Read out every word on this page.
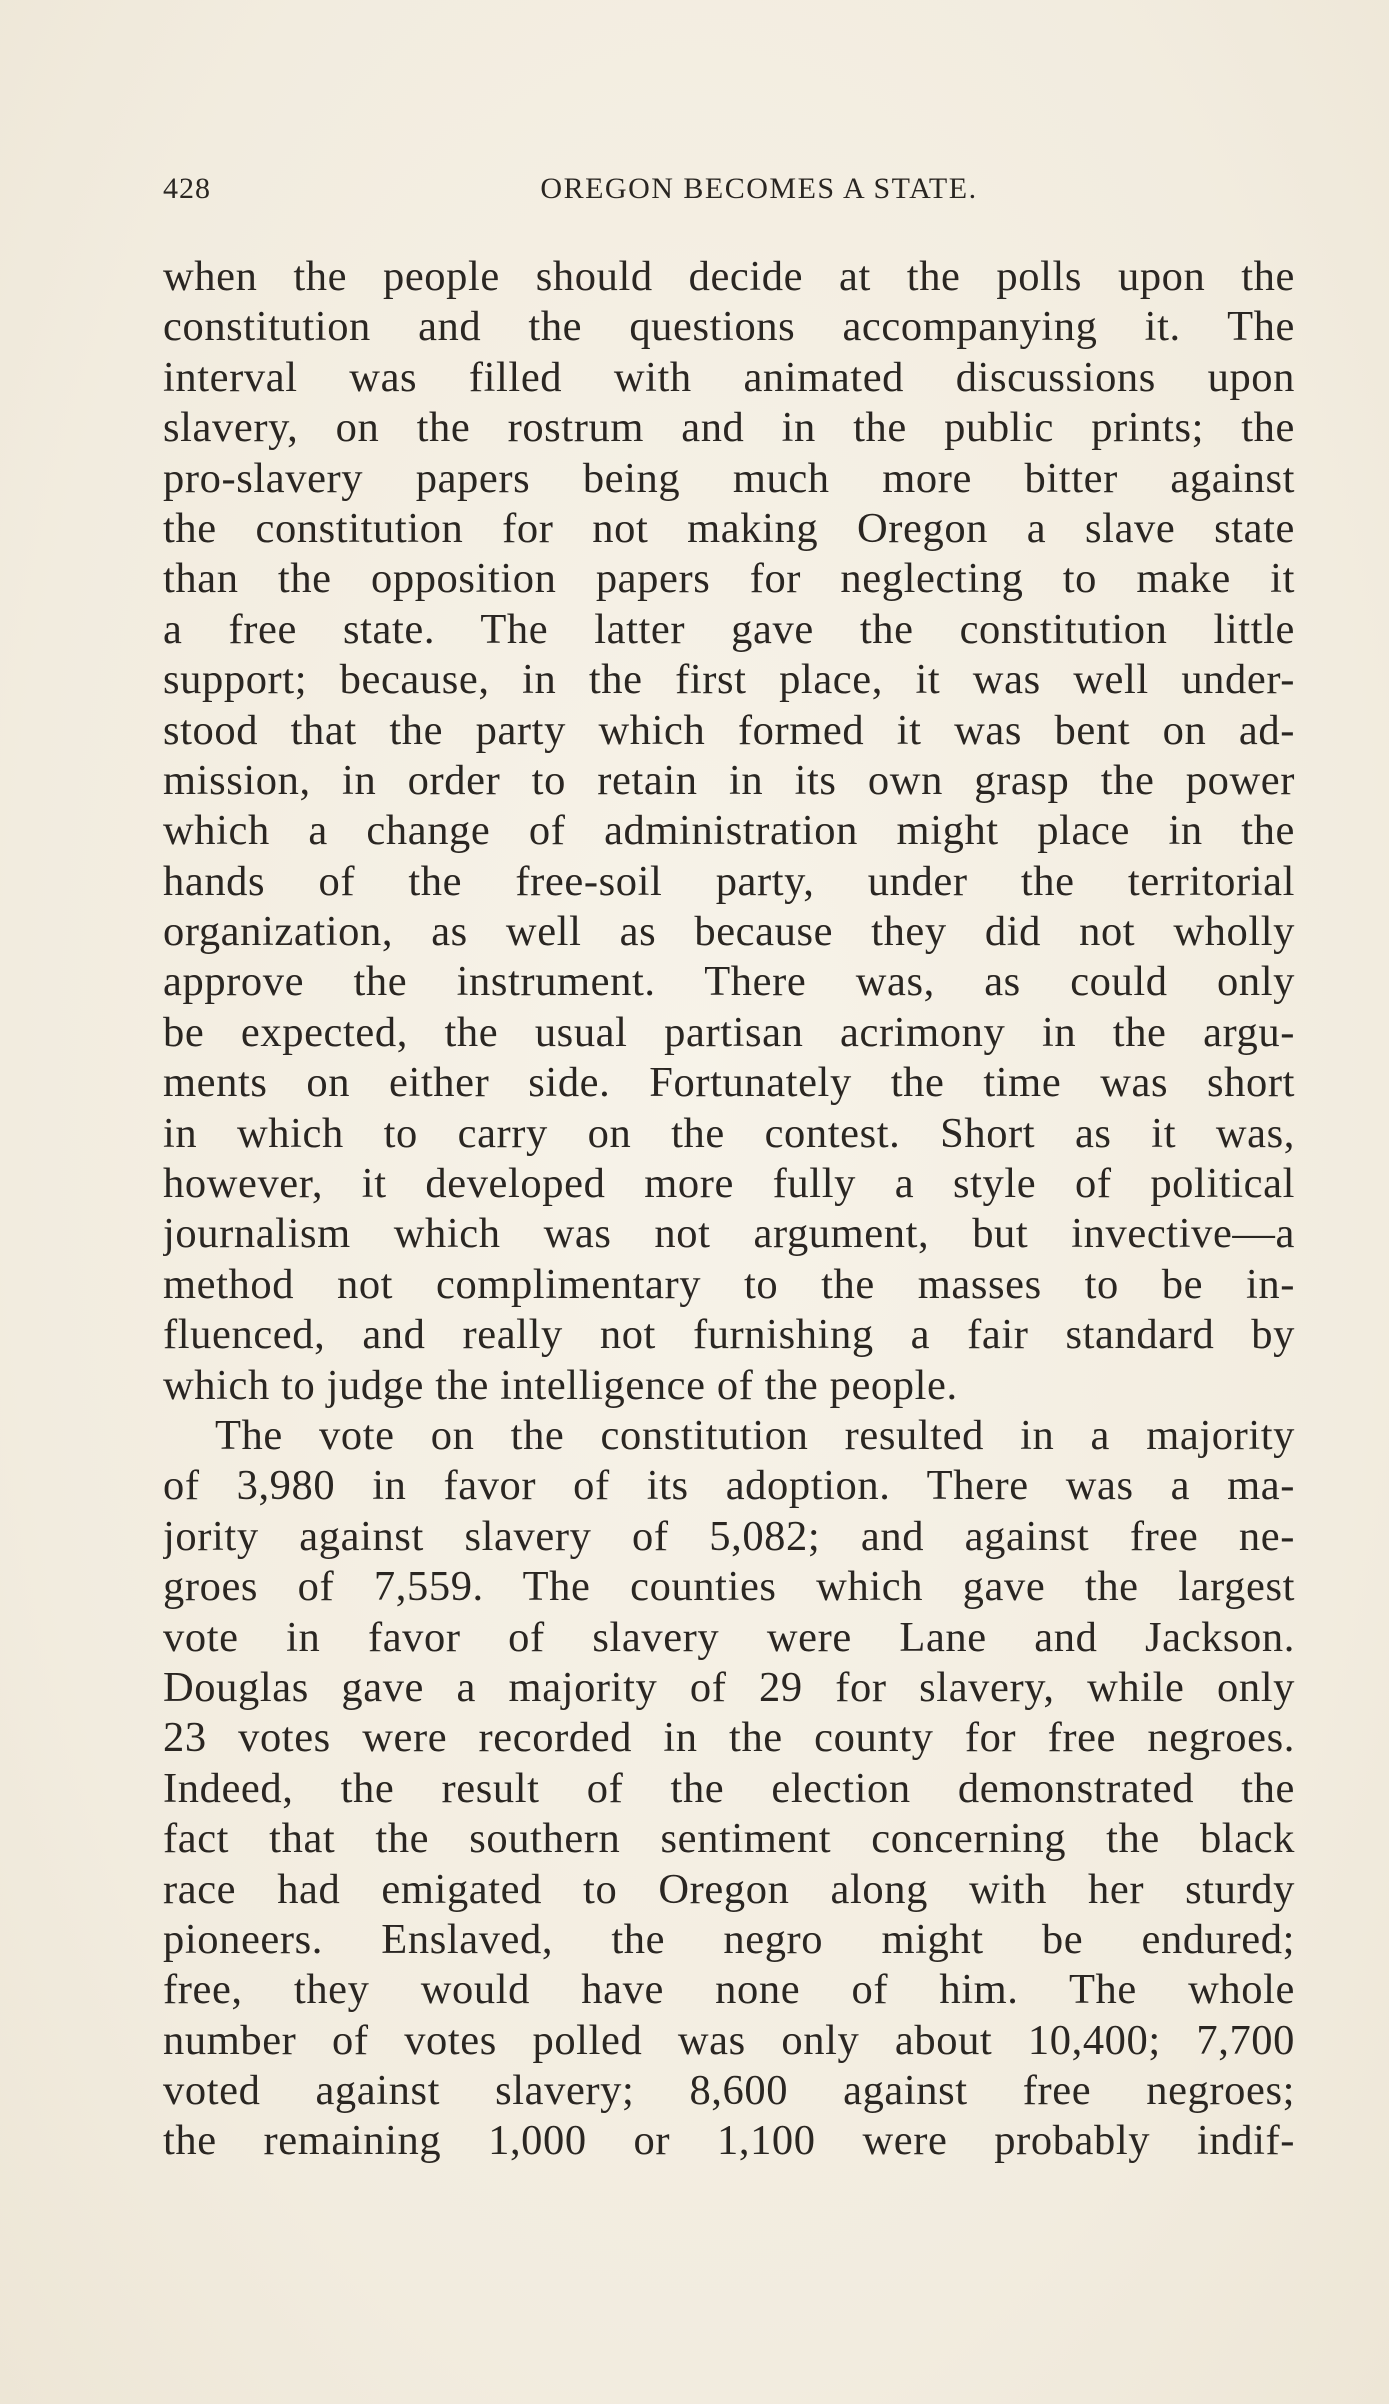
428	OREGON BECOMES A STATE.
when the people should decide at the polls upon the
constitution and the questions accompanying it. The
interval was filled with animated discussions upon
slavery, on the rostrum and in the public prints; the
pro-slavery papers being much more bitter against
the constitution for not making Oregon a slave state
than the opposition papers for neglecting to make it
a free state. The latter gave the constitution little
support; because, in the first place, it was well under-
stood that the party which formed it was bent on ad-
mission, in order to retain in its own grasp the power
which a change of administration might place in the
hands of the free-soil party, under the territorial
organization, as well as because they did not wholly
approve the instrument. There was, as could only
be expected, the usual partisan acrimony in the argu-
ments on either side. Fortunately the time was short
in which to carry on the contest. Short as it was,
however, it developed more fully a style of political
journalism which was not argument, but invective—a
method not complimentary to the masses to be in-
fluenced, and really not furnishing a fair standard by
which to judge the intelligence of the people.
The vote on the constitution resulted in a majority
of 3,980 in favor of its adoption. There was a ma-
jority against slavery of 5,082; and against free ne-
groes of 7,559. The counties which gave the largest
vote in favor of slavery were Lane and Jackson.
Douglas gave a majority of 29 for slavery, while only
23 votes were recorded in the county for free negroes.
Indeed, the result of the election demonstrated the
fact that the southern sentiment concerning the black
race had emigated to Oregon along with her sturdy
pioneers. Enslaved, the negro might be endured;
free, they would have none of him. The whole
number of votes polled was only about 10,400; 7,700
voted against slavery; 8,600 against free negroes;
the remaining 1,000 or 1,100 were probably indif-
